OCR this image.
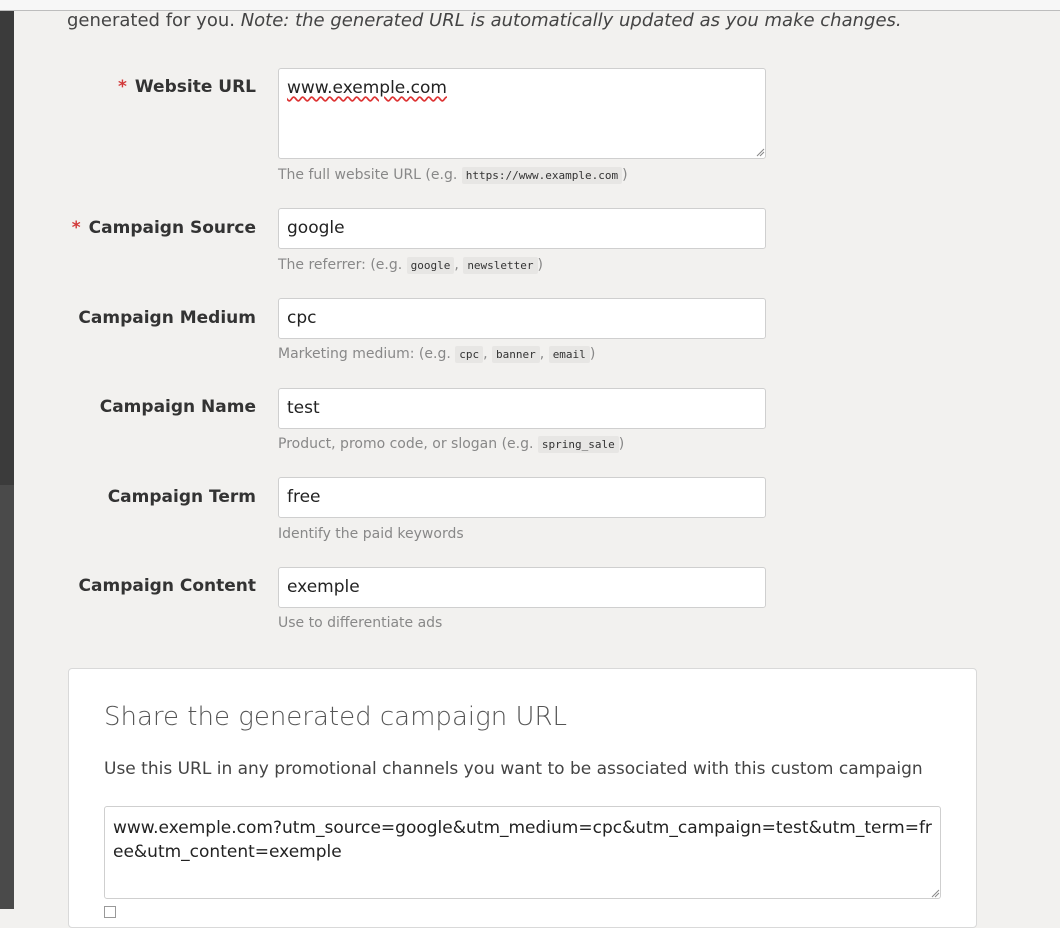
generated for you. Note: the generated URL is automatically updated as you make changes.
* Website URL	www.exemple.com
The full website URL (e.g. https://www.example.com )
* Campaign Source	google
The referrer: (e.g. google , newsletter )
Campaign Medium	cpc
Marketing medium: (e.g. cpc , banner , email )
Campaign Name	test
Product, promo code, or slogan (e.g. spring_sale )
Campaign Term	free
Identify the paid keywords
Campaign Content	exemple
Use to differentiate ads
Share the generated campaign URL
Use this URL in any promotional channels you want to be associated with this custom campaign
www.exemple.com?utm_source=google&utm_medium=cpc&utm_campaign=test&utm_term=free&utm_content=exemple
